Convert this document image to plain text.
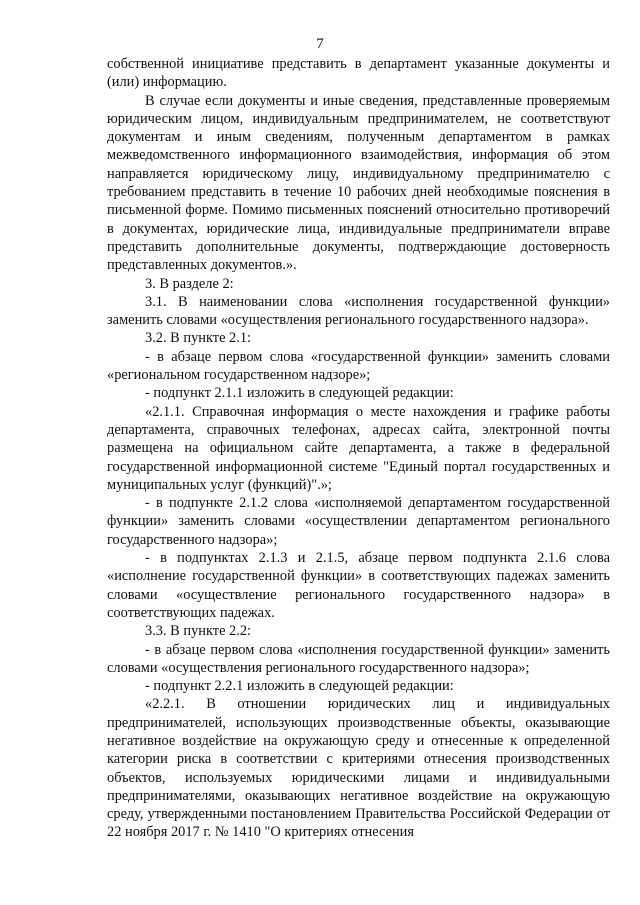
7

собственной инициативе представить в департамент указанные документы и (или) информацию.

В случае если документы и иные сведения, представленные проверяемым юридическим лицом, индивидуальным предпринимателем, не соответствуют документам и иным сведениям, полученным департаментом в рамках межведомственного информационного взаимодействия, информация об этом направляется юридическому лицу, индивидуальному предпринимателю с требованием представить в течение 10 рабочих дней необходимые пояснения в письменной форме. Помимо письменных пояснений относительно противоречий в документах, юридические лица, индивидуальные предприниматели вправе представить дополнительные документы, подтверждающие достоверность представленных документов.».

3. В разделе 2:

3.1. В наименовании слова «исполнения государственной функции» заменить словами «осуществления регионального государственного надзора».

3.2. В пункте 2.1:

- в абзаце первом слова «государственной функции» заменить словами «региональном государственном надзоре»;

- подпункт 2.1.1 изложить в следующей редакции:

«2.1.1. Справочная информация о месте нахождения и графике работы департамента, справочных телефонах, адресах сайта, электронной почты размещена на официальном сайте департамента, а также в федеральной государственной информационной системе "Единый портал государственных и муниципальных услуг (функций)".»;

- в подпункте 2.1.2 слова «исполняемой департаментом государственной функции» заменить словами «осуществлении департаментом регионального государственного надзора»;

- в подпунктах 2.1.3 и 2.1.5, абзаце первом подпункта 2.1.6 слова «исполнение государственной функции» в соответствующих падежах заменить словами «осуществление регионального государственного надзора» в соответствующих падежах.

3.3. В пункте 2.2:

- в абзаце первом слова «исполнения государственной функции» заменить словами «осуществления регионального государственного надзора»;

- подпункт 2.2.1 изложить в следующей редакции:

«2.2.1. В отношении юридических лиц и индивидуальных предпринимателей, использующих производственные объекты, оказывающие негативное воздействие на окружающую среду и отнесенные к определенной категории риска в соответствии с критериями отнесения производственных объектов, используемых юридическими лицами и индивидуальными предпринимателями, оказывающих негативное воздействие на окружающую среду, утвержденными постановлением Правительства Российской Федерации от 22 ноября 2017 г. № 1410 "О критериях отнесения
